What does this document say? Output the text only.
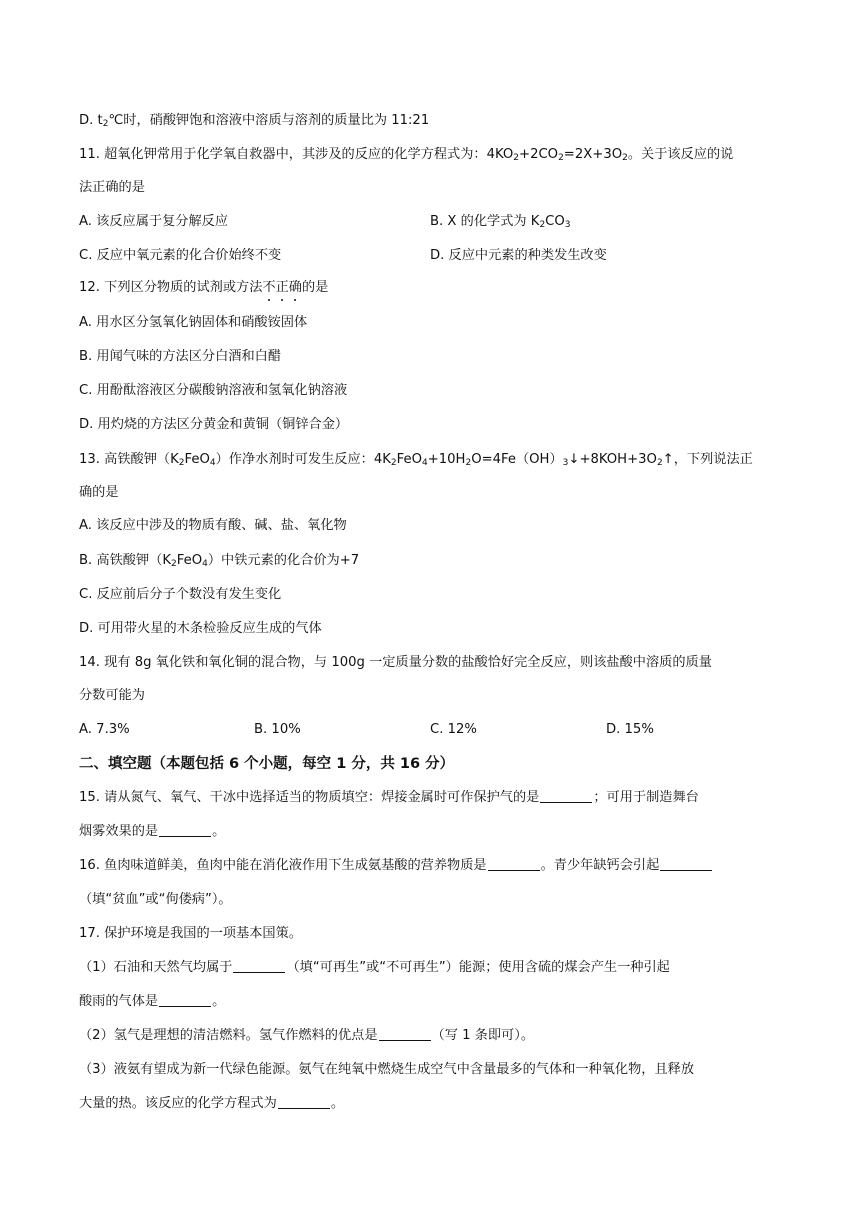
D. $t_2℃$时，硝酸钾饱和溶液中溶质与溶剂的质量比为 11:21
11. 超氧化钾常用于化学氧自救器中，其涉及的反应的化学方程式为：$4KO_2+2CO_2=2X+3O_2$。关于该反应的说
法正确的是
A. 该反应属于复分解反应	B. X 的化学式为 $K_2CO_3$
C. 反应中氧元素的化合价始终不变	D. 反应中元素的种类发生改变
12. 下列区分物质的试剂或方法不正确的是
A. 用水区分氢氧化钠固体和硝酸铵固体
B. 用闻气味的方法区分白酒和白醋
C. 用酚酞溶液区分碳酸钠溶液和氢氧化钠溶液
D. 用灼烧的方法区分黄金和黄铜（铜锌合金）
13. 高铁酸钾$(K_2FeO_4)$作净水剂时可发生反应：$4K_2FeO_4+10H_2O=4Fe(OH)_3↓+8KOH+3O_2↑$，下列说法正
确的是
A. 该反应中涉及的物质有酸、碱、盐、氧化物
B. 高铁酸钾$(K_2FeO_4)$中铁元素的化合价为+7
C. 反应前后分子个数没有发生变化
D. 可用带火星的木条检验反应生成的气体
14. 现有 8g 氧化铁和氧化铜的混合物，与 100g 一定质量分数的盐酸恰好完全反应，则该盐酸中溶质的质量
分数可能为
A. 7.3%	B. 10%	C. 12%	D. 15%
二、填空题（本题包括 6 个小题，每空 1 分，共 16 分）
15. 请从氮气、氧气、干冰中选择适当的物质填空：焊接金属时可作保护气的是	；可用于制造舞台
烟雾效果的是	。
16. 鱼肉味道鲜美，鱼肉中能在消化液作用下生成氨基酸的营养物质是	。青少年缺钙会引起
（填“贫血”或“佝偻病”）。
17. 保护环境是我国的一项基本国策。
（1）石油和天然气均属于	（填“可再生”或“不可再生”）能源；使用含硫的煤会产生一种引起
酸雨的气体是	。
（2）氢气是理想的清洁燃料。氢气作燃料的优点是	（写 1 条即可）。
（3）液氨有望成为新一代绿色能源。氨气在纯氧中燃烧生成空气中含量最多的气体和一种氧化物，且释放
大量的热。该反应的化学方程式为	。
